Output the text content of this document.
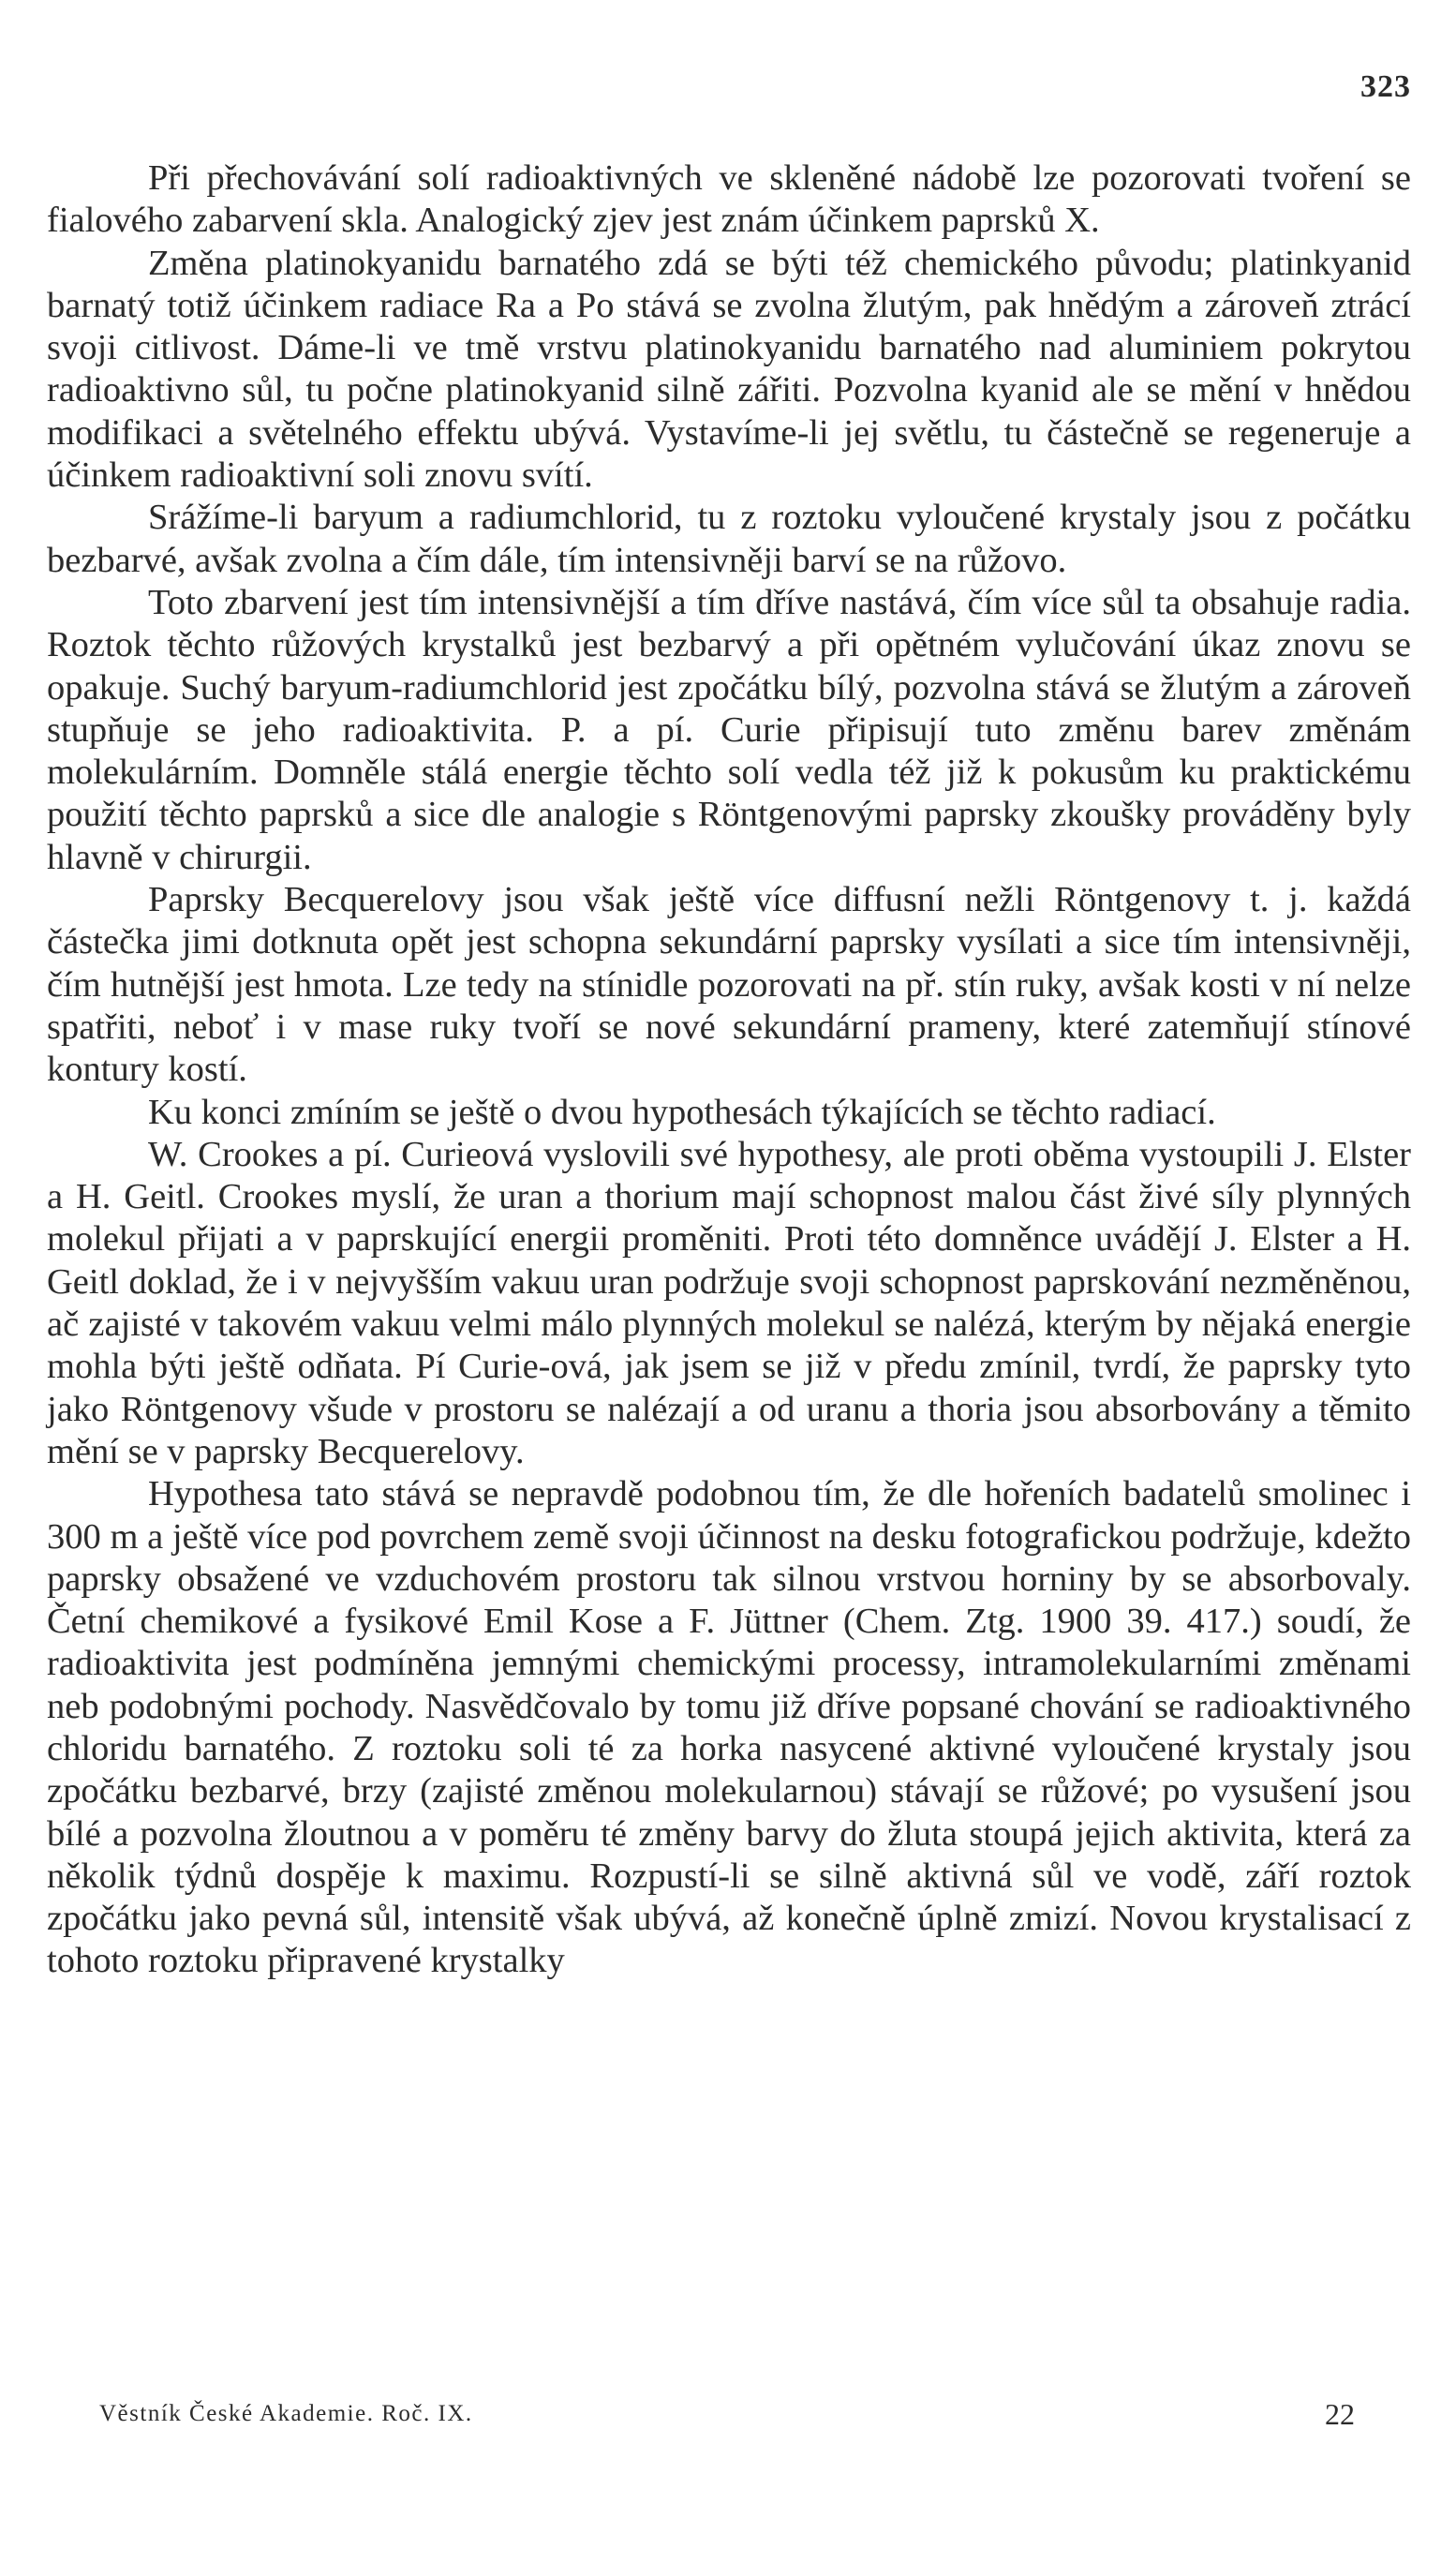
323

Při přechovávání solí radioaktivných ve skleněné nádobě lze pozorovati tvoření se fialového zabarvení skla. Analogický zjev jest znám účinkem paprsků X.

Změna platinokyanidu barnatého zdá se býti též chemického původu; platinkyanid barnatý totiž účinkem radiace Ra a Po stává se zvolna žlutým, pak hnědým a zároveň ztrácí svoji citlivost. Dáme-li ve tmě vrstvu platinokyanidu barnatého nad aluminiem pokrytou radioaktivno sůl, tu počne platinokyanid silně zářiti. Pozvolna kyanid ale se mění v hnědou modifikaci a světelného effektu ubývá. Vystavíme-li jej světlu, tu částečně se regeneruje a účinkem radioaktivní soli znovu svítí.

Srážíme-li baryum a radiumchlorid, tu z roztoku vyloučené krystaly jsou z počátku bezbarvé, avšak zvolna a čím dále, tím intensivněji barví se na růžovo.

Toto zbarvení jest tím intensivnější a tím dříve nastává, čím více sůl ta obsahuje radia. Roztok těchto růžových krystalků jest bezbarvý a při opětném vylučování úkaz znovu se opakuje. Suchý baryum-radiumchlorid jest zpočátku bílý, pozvolna stává se žlutým a zároveň stupňuje se jeho radioaktivita. P. a pí. Curie připisují tuto změnu barev změnám molekulárním. Domněle stálá energie těchto solí vedla též již k pokusům ku praktickému použití těchto paprsků a sice dle analogie s Röntgenovými paprsky zkoušky prováděny byly hlavně v chirurgii.

Paprsky Becquerelovy jsou však ještě více diffusní nežli Röntgenovy t. j. každá částečka jimi dotknuta opět jest schopna sekundární paprsky vysílati a sice tím intensivněji, čím hutnější jest hmota. Lze tedy na stínidle pozorovati na př. stín ruky, avšak kosti v ní nelze spatřiti, neboť i v mase ruky tvoří se nové sekundární prameny, které zatemňují stínové kontury kostí.

Ku konci zmíním se ještě o dvou hypothesách týkajících se těchto radiací.

W. Crookes a pí. Curieová vyslovili své hypothesy, ale proti oběma vystoupili J. Elster a H. Geitl. Crookes myslí, že uran a thorium mají schopnost malou část živé síly plynných molekul přijati a v paprskující energii proměniti. Proti této domněnce uvádějí J. Elster a H. Geitl doklad, že i v nejvyšším vakuu uran podržuje svoji schopnost paprskování nezměněnou, ač zajisté v takovém vakuu velmi málo plynných molekul se nalézá, kterým by nějaká energie mohla býti ještě odňata. Pí Curie-ová, jak jsem se již v předu zmínil, tvrdí, že paprsky tyto jako Röntgenovy všude v prostoru se nalézají a od uranu a thoria jsou absorbovány a těmito mění se v paprsky Becquerelovy.

Hypothesa tato stává se nepravdě podobnou tím, že dle hořeních badatelů smolinec i 300 m a ještě více pod povrchem země svoji účinnost na desku fotografickou podržuje, kdežto paprsky obsažené ve vzduchovém prostoru tak silnou vrstvou horniny by se absorbovaly. Četní chemikové a fysikové Emil Kose a F. Jüttner (Chem. Ztg. 1900 39. 417.) soudí, že radioaktivita jest podmíněna jemnými chemickými processy, intramolekularními změnami neb podobnými pochody. Nasvědčovalo by tomu již dříve popsané chování se radioaktivného chloridu barnatého. Z roztoku soli té za horka nasycené aktivné vyloučené krystaly jsou zpočátku bezbarvé, brzy (zajisté změnou molekularnou) stávají se růžové; po vysušení jsou bílé a pozvolna žloutnou a v poměru té změny barvy do žluta stoupá jejich aktivita, která za několik týdnů dospěje k maximu. Rozpustí-li se silně aktivná sůl ve vodě, září roztok zpočátku jako pevná sůl, intensitě však ubývá, až konečně úplně zmizí. Novou krystalisací z tohoto roztoku připravené krystalky

Věstník České Akademie. Roč. IX.	22
